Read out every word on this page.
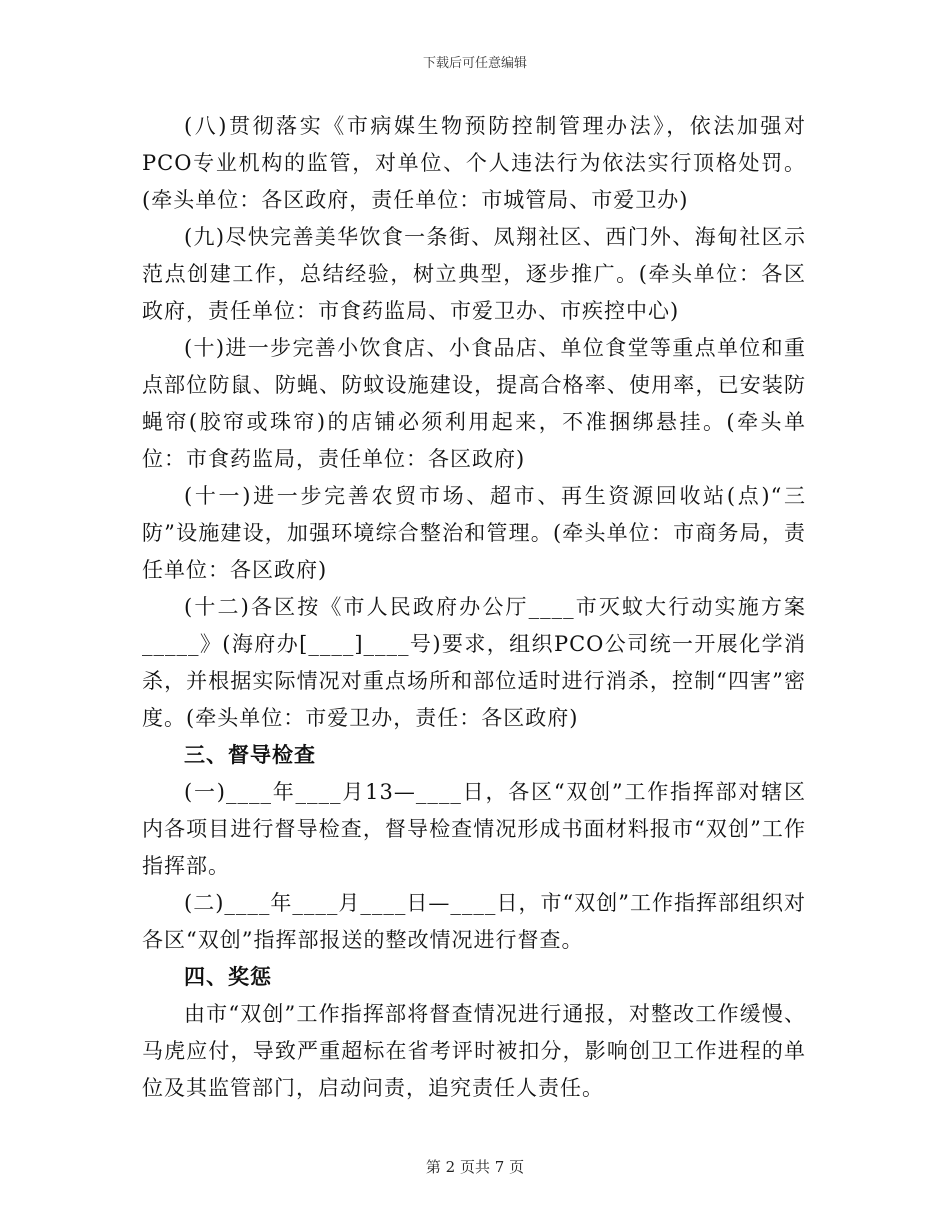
下载后可任意编辑

(八)贯彻落实《市病媒生物预防控制管理办法》，依法加强对PCO专业机构的监管，对单位、个人违法行为依法实行顶格处罚。(牵头单位：各区政府，责任单位：市城管局、市爱卫办)

(九)尽快完善美华饮食一条街、凤翔社区、西门外、海甸社区示范点创建工作，总结经验，树立典型，逐步推广。(牵头单位：各区政府，责任单位：市食药监局、市爱卫办、市疾控中心)

(十)进一步完善小饮食店、小食品店、单位食堂等重点单位和重点部位防鼠、防蝇、防蚊设施建设，提高合格率、使用率，已安装防蝇帘(胶帘或珠帘)的店铺必须利用起来，不准捆绑悬挂。(牵头单位：市食药监局，责任单位：各区政府)

(十一)进一步完善农贸市场、超市、再生资源回收站(点)“三防”设施建设，加强环境综合整治和管理。(牵头单位：市商务局，责任单位：各区政府)

(十二)各区按《市人民政府办公厅____市灭蚊大行动实施方案_____》(海府办[____]____号)要求，组织PCO公司统一开展化学消杀，并根据实际情况对重点场所和部位适时进行消杀，控制“四害”密度。(牵头单位：市爱卫办，责任：各区政府)

三、督导检查

(一)____年____月13—____日，各区“双创”工作指挥部对辖区内各项目进行督导检查，督导检查情况形成书面材料报市“双创”工作指挥部。

(二)____年____月____日—____日，市“双创”工作指挥部组织对各区“双创”指挥部报送的整改情况进行督查。

四、奖惩

由市“双创”工作指挥部将督查情况进行通报，对整改工作缓慢、马虎应付，导致严重超标在省考评时被扣分，影响创卫工作进程的单位及其监管部门，启动问责，追究责任人责任。

第 2 页共 7 页
